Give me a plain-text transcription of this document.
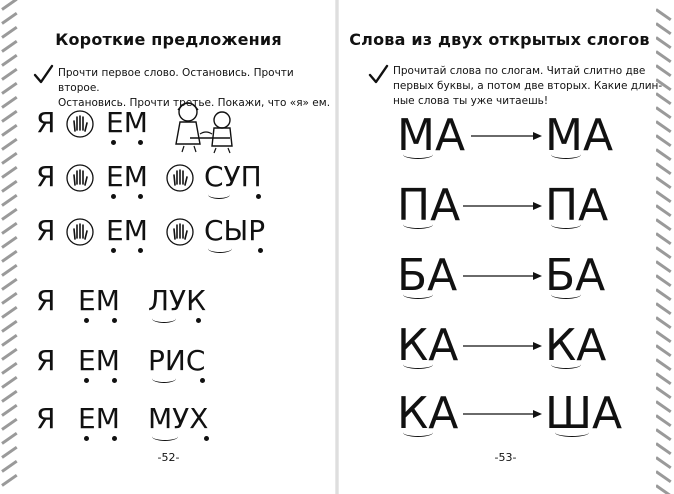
Короткие предложения
Прочти первое слово. Остановись. Прочти второе.
Остановись. Прочти третье. Покажи, что «я» ем.
Я ЕМ
Я ЕМ СУП
Я ЕМ СЫР
Я ЕМ ЛУК
Я ЕМ РИС
Я ЕМ МУХ
-52-
Слова из двух открытых слогов
Прочитай слова по слогам. Читай слитно две
первых буквы, а потом две вторых. Какие длин-
ные слова ты уже читаешь!
МА МА
ПА ПА
БА БА
КА КА
КА ША
-53-
